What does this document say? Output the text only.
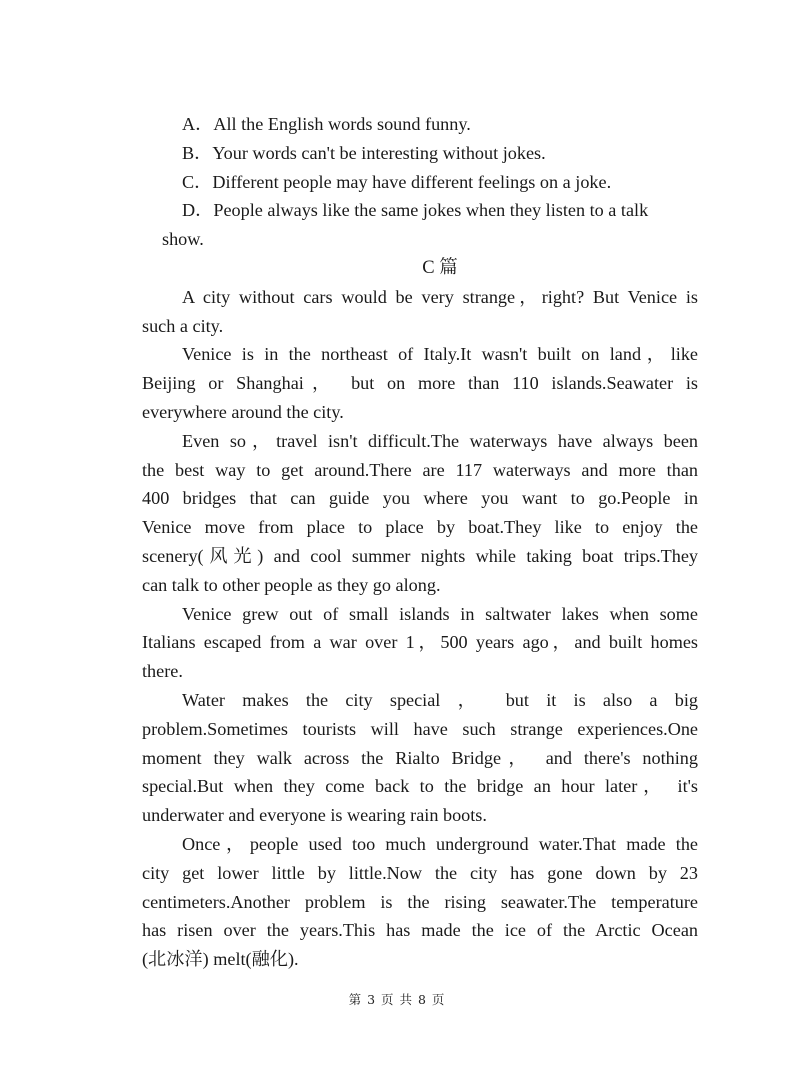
A．All the English words sound funny.
B．Your words can't be interesting without jokes.
C．Different people may have different feelings on a joke.
D．People always like the same jokes when they listen to a talk
show.
C 篇
A city without cars would be very strange，right? But Venice is
such a city.
Venice is in the northeast of Italy.It wasn't built on land，like
Beijing or Shanghai， but on more than 110 islands.Seawater is
everywhere around the city.
Even so，travel isn't difficult.The waterways have always been
the best way to get around.There are 117 waterways and more than
400 bridges that can guide you where you want to go.People in
Venice move from place to place by boat.They like to enjoy the
scenery(风光) and cool summer nights while taking boat trips.They
can talk to other people as they go along.
Venice grew out of small islands in saltwater lakes when some
Italians escaped from a war over 1，500 years ago，and built homes
there.
Water makes the city special ， but it is also a big
problem.Sometimes tourists will have such strange experiences.One
moment they walk across the Rialto Bridge， and there's nothing
special.But when they come back to the bridge an hour later， it's
underwater and everyone is wearing rain boots.
Once，people used too much underground water.That made the
city get lower little by little.Now the city has gone down by 23
centimeters.Another problem is the rising seawater.The temperature
has risen over the years.This has made the ice of the Arctic Ocean
(北冰洋) melt(融化).
第 3 页 共 8 页
